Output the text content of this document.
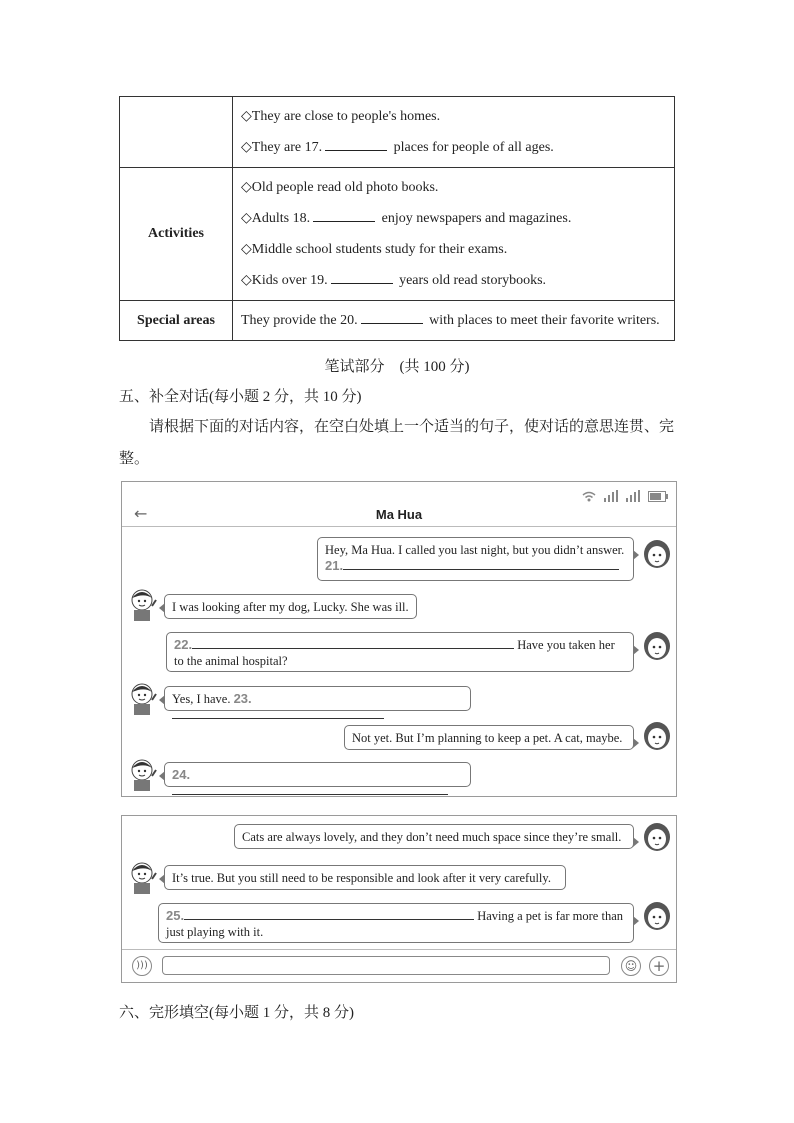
	◇They are close to people's homes.
◇They are 17. places for people of all ages.

Activities	◇Old people read old photo books.
◇Adults 18. enjoy newspapers and magazines.
◇Middle school students study for their exams.
◇Kids over 19. years old read storybooks.

Special areas	They provide the 20. with places to meet their favorite writers.
笔试部分　(共 100 分)
五、补全对话(每小题 2 分，共 10 分)
请根据下面的对话内容，在空白处填上一个适当的句子，使对话的意思连贯、完整。
←	Ma Hua
Hey, Ma Hua. I called you last night, but you didn’t answer.
21.
I was looking after my dog, Lucky. She was ill.
22.	Have you taken her to the animal hospital?
Yes, I have. 23.
Not yet. But I’m planning to keep a pet. A cat, maybe.
24.
Cats are always lovely, and they don’t need much space since they’re small.
It’s true. But you still need to be responsible and look after it very carefully.
25.	Having a pet is far more than just playing with it.
)))	☺ +
六、完形填空(每小题 1 分，共 8 分)
